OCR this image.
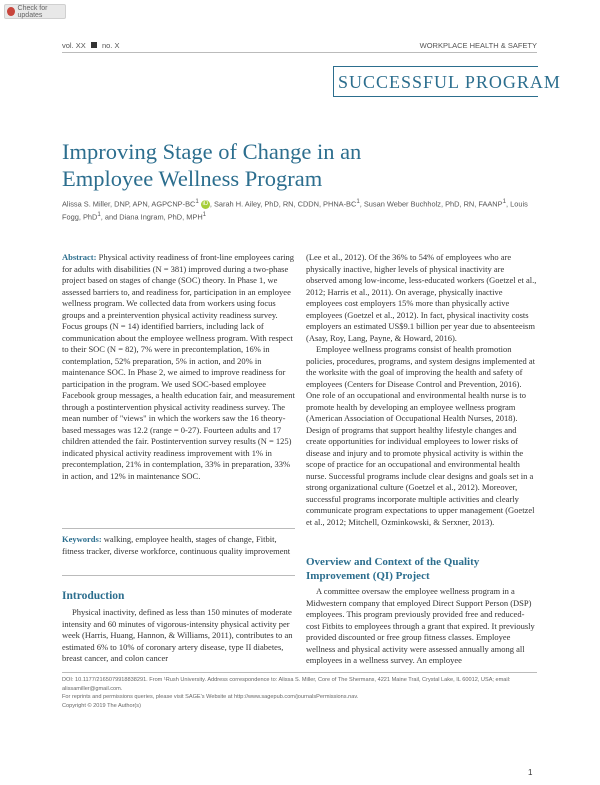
Check for updates
vol. XX no. X	WORKPLACE HEALTH & SAFETY
SUCCESSFUL PROGRAM
Improving Stage of Change in an Employee Wellness Program
Alissa S. Miller, DNP, APN, AGPCNP-$BC^1$ iD , Sarah H. Ailey, PhD, RN, CDDN, PHNA-$BC^1$, Susan Weber Buchholz, PhD, RN, FAANP$^1$, Louis Fogg, PhD$^1$, and Diana Ingram, PhD, MPH$^1$

Abstract: Physical activity readiness of front-line employees caring for adults with disabilities (N = 381) improved during a two-phase project based on stages of change (SOC) theory. In Phase 1, we assessed barriers to, and readiness for, participation in an employee wellness program. We collected data from workers using focus groups and a preintervention physical activity readiness survey. Focus groups (N = 14) identified barriers, including lack of communication about the employee wellness program. With respect to their SOC (N = 82), 7% were in precontemplation, 16% in contemplation, 52% preparation, 5% in action, and 20% in maintenance SOC. In Phase 2, we aimed to improve readiness for participation in the program. We used SOC-based employee Facebook group messages, a health education fair, and measurement through a postintervention physical activity readiness survey. The mean number of "views" in which the workers saw the 16 theory-based messages was 12.2 (range = 0-27). Fourteen adults and 17 children attended the fair. Postintervention survey results (N = 125) indicated physical activity readiness improvement with 1% in precontemplation, 21% in contemplation, 33% in preparation, 33% in action, and 12% in maintenance SOC.

Keywords: walking, employee health, stages of change, Fitbit, fitness tracker, diverse workforce, continuous quality improvement

Introduction

Physical inactivity, defined as less than 150 minutes of moderate intensity and 60 minutes of vigorous-intensity physical activity per week (Harris, Huang, Hannon, & Williams, 2011), contributes to an estimated 6% to 10% of coronary artery disease, type II diabetes, breast cancer, and colon cancer

(Lee et al., 2012). Of the 36% to 54% of employees who are physically inactive, higher levels of physical inactivity are observed among low-income, less-educated workers (Goetzel et al., 2012; Harris et al., 2011). On average, physically inactive employees cost employers 15% more than physically active employees (Goetzel et al., 2012). In fact, physical inactivity costs employers an estimated US$9.1 billion per year due to absenteeism (Asay, Roy, Lang, Payne, & Howard, 2016).

Employee wellness programs consist of health promotion policies, procedures, programs, and system designs implemented at the worksite with the goal of improving the health and safety of employees (Centers for Disease Control and Prevention, 2016). One role of an occupational and environmental health nurse is to promote health by developing an employee wellness program (American Association of Occupational Health Nurses, 2018). Design of programs that support healthy lifestyle changes and create opportunities for individual employees to lower risks of disease and injury and to promote physical activity is within the scope of practice for an occupational and environmental health nurse. Successful programs include clear designs and goals set in a strong organizational culture (Goetzel et al., 2012). Moreover, successful programs incorporate multiple activities and clearly communicate program expectations to upper management (Goetzel et al., 2012; Mitchell, Ozminkowski, & Serxner, 2013).

Overview and Context of the Quality Improvement (QI) Project

A committee oversaw the employee wellness program in a Midwestern company that employed Direct Support Person (DSP) employees. This program previously provided free and reduced-cost Fitbits to employees through a grant that expired. It previously provided discounted or free group fitness classes. Employee wellness and physical activity were assessed annually among all employees in a wellness survey. An employee

DOI: 10.1177/2165079918838291. From ¹Rush University. Address correspondence to: Alissa S. Miller, Core of The Shermans, 4221 Maine Trail, Crystal Lake, IL 60012, USA; email: alissamiller@gmail.com.
For reprints and permissions queries, please visit SAGE’s Website at http://www.sagepub.com/journalsPermissions.nav.
Copyright © 2019 The Author(s)
1
